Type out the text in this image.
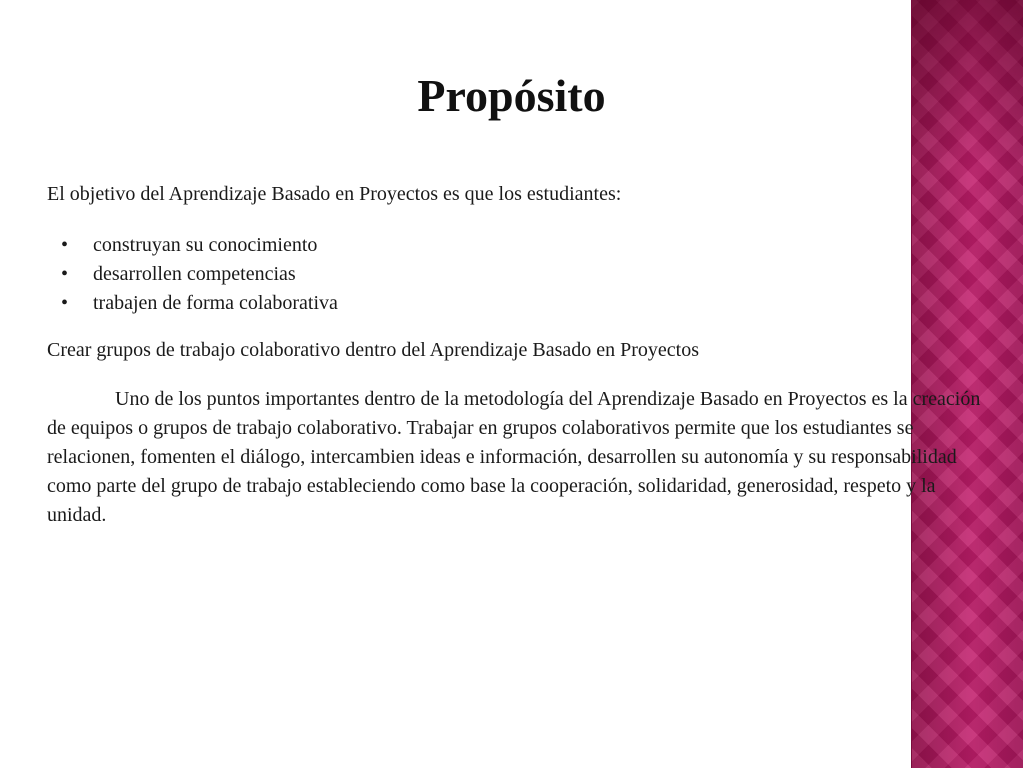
Propósito

El objetivo del Aprendizaje Basado en Proyectos es que los estudiantes:

• construyan su conocimiento
• desarrollen competencias
• trabajen de forma colaborativa

Crear grupos de trabajo colaborativo dentro del Aprendizaje Basado en Proyectos

Uno de los puntos importantes dentro de la metodología del Aprendizaje Basado en Proyectos es la creación de equipos o grupos de trabajo colaborativo. Trabajar en grupos colaborativos permite que los estudiantes se relacionen, fomenten el diálogo, intercambien ideas e información, desarrollen su autonomía y su responsabilidad como parte del grupo de trabajo estableciendo como base la cooperación, solidaridad, generosidad, respeto y la unidad.
